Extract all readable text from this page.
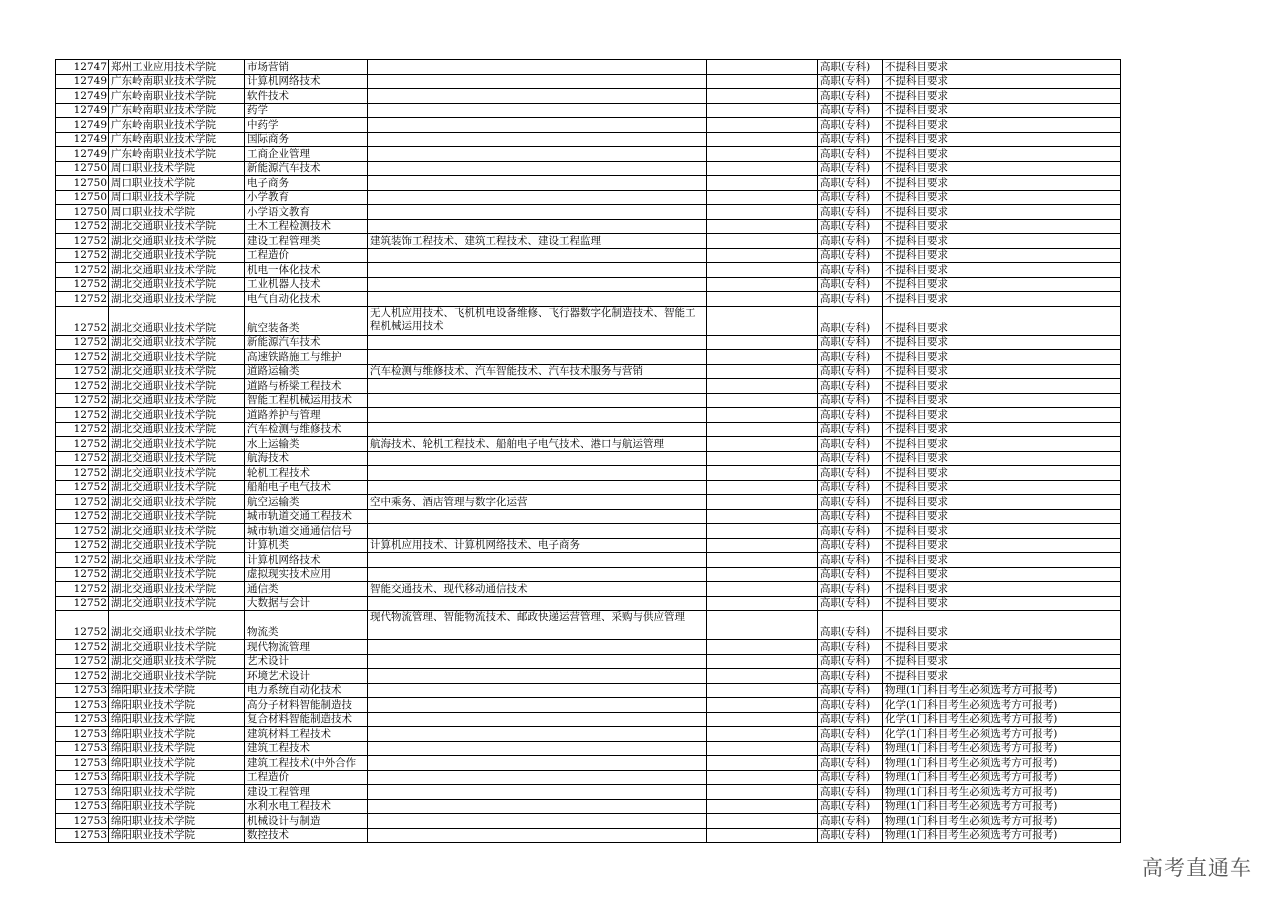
12747	郑州工业应用技术学院	市场营销			高职(专科)	不提科目要求
12749	广东岭南职业技术学院	计算机网络技术			高职(专科)	不提科目要求
12749	广东岭南职业技术学院	软件技术			高职(专科)	不提科目要求
12749	广东岭南职业技术学院	药学			高职(专科)	不提科目要求
12749	广东岭南职业技术学院	中药学			高职(专科)	不提科目要求
12749	广东岭南职业技术学院	国际商务			高职(专科)	不提科目要求
12749	广东岭南职业技术学院	工商企业管理			高职(专科)	不提科目要求
12750	周口职业技术学院	新能源汽车技术			高职(专科)	不提科目要求
12750	周口职业技术学院	电子商务			高职(专科)	不提科目要求
12750	周口职业技术学院	小学教育			高职(专科)	不提科目要求
12750	周口职业技术学院	小学语文教育			高职(专科)	不提科目要求
12752	湖北交通职业技术学院	土木工程检测技术			高职(专科)	不提科目要求
12752	湖北交通职业技术学院	建设工程管理类	建筑装饰工程技术、建筑工程技术、建设工程监理		高职(专科)	不提科目要求
12752	湖北交通职业技术学院	工程造价			高职(专科)	不提科目要求
12752	湖北交通职业技术学院	机电一体化技术			高职(专科)	不提科目要求
12752	湖北交通职业技术学院	工业机器人技术			高职(专科)	不提科目要求
12752	湖北交通职业技术学院	电气自动化技术			高职(专科)	不提科目要求
12752	湖北交通职业技术学院	航空装备类	无人机应用技术、飞机机电设备维修、飞行器数字化制造技术、智能工程机械运用技术		高职(专科)	不提科目要求
12752	湖北交通职业技术学院	新能源汽车技术			高职(专科)	不提科目要求
12752	湖北交通职业技术学院	高速铁路施工与维护			高职(专科)	不提科目要求
12752	湖北交通职业技术学院	道路运输类	汽车检测与维修技术、汽车智能技术、汽车技术服务与营销		高职(专科)	不提科目要求
12752	湖北交通职业技术学院	道路与桥梁工程技术			高职(专科)	不提科目要求
12752	湖北交通职业技术学院	智能工程机械运用技术			高职(专科)	不提科目要求
12752	湖北交通职业技术学院	道路养护与管理			高职(专科)	不提科目要求
12752	湖北交通职业技术学院	汽车检测与维修技术			高职(专科)	不提科目要求
12752	湖北交通职业技术学院	水上运输类	航海技术、轮机工程技术、船舶电子电气技术、港口与航运管理		高职(专科)	不提科目要求
12752	湖北交通职业技术学院	航海技术			高职(专科)	不提科目要求
12752	湖北交通职业技术学院	轮机工程技术			高职(专科)	不提科目要求
12752	湖北交通职业技术学院	船舶电子电气技术			高职(专科)	不提科目要求
12752	湖北交通职业技术学院	航空运输类	空中乘务、酒店管理与数字化运营		高职(专科)	不提科目要求
12752	湖北交通职业技术学院	城市轨道交通工程技术			高职(专科)	不提科目要求
12752	湖北交通职业技术学院	城市轨道交通通信信号			高职(专科)	不提科目要求
12752	湖北交通职业技术学院	计算机类	计算机应用技术、计算机网络技术、电子商务		高职(专科)	不提科目要求
12752	湖北交通职业技术学院	计算机网络技术			高职(专科)	不提科目要求
12752	湖北交通职业技术学院	虚拟现实技术应用			高职(专科)	不提科目要求
12752	湖北交通职业技术学院	通信类	智能交通技术、现代移动通信技术		高职(专科)	不提科目要求
12752	湖北交通职业技术学院	大数据与会计			高职(专科)	不提科目要求
12752	湖北交通职业技术学院	物流类	现代物流管理、智能物流技术、邮政快递运营管理、采购与供应管理		高职(专科)	不提科目要求
12752	湖北交通职业技术学院	现代物流管理			高职(专科)	不提科目要求
12752	湖北交通职业技术学院	艺术设计			高职(专科)	不提科目要求
12752	湖北交通职业技术学院	环境艺术设计			高职(专科)	不提科目要求
12753	绵阳职业技术学院	电力系统自动化技术			高职(专科)	物理(1门科目考生必须选考方可报考)
12753	绵阳职业技术学院	高分子材料智能制造技			高职(专科)	化学(1门科目考生必须选考方可报考)
12753	绵阳职业技术学院	复合材料智能制造技术			高职(专科)	化学(1门科目考生必须选考方可报考)
12753	绵阳职业技术学院	建筑材料工程技术			高职(专科)	化学(1门科目考生必须选考方可报考)
12753	绵阳职业技术学院	建筑工程技术			高职(专科)	物理(1门科目考生必须选考方可报考)
12753	绵阳职业技术学院	建筑工程技术(中外合作			高职(专科)	物理(1门科目考生必须选考方可报考)
12753	绵阳职业技术学院	工程造价			高职(专科)	物理(1门科目考生必须选考方可报考)
12753	绵阳职业技术学院	建设工程管理			高职(专科)	物理(1门科目考生必须选考方可报考)
12753	绵阳职业技术学院	水利水电工程技术			高职(专科)	物理(1门科目考生必须选考方可报考)
12753	绵阳职业技术学院	机械设计与制造			高职(专科)	物理(1门科目考生必须选考方可报考)
12753	绵阳职业技术学院	数控技术			高职(专科)	物理(1门科目考生必须选考方可报考)
高考直通车
